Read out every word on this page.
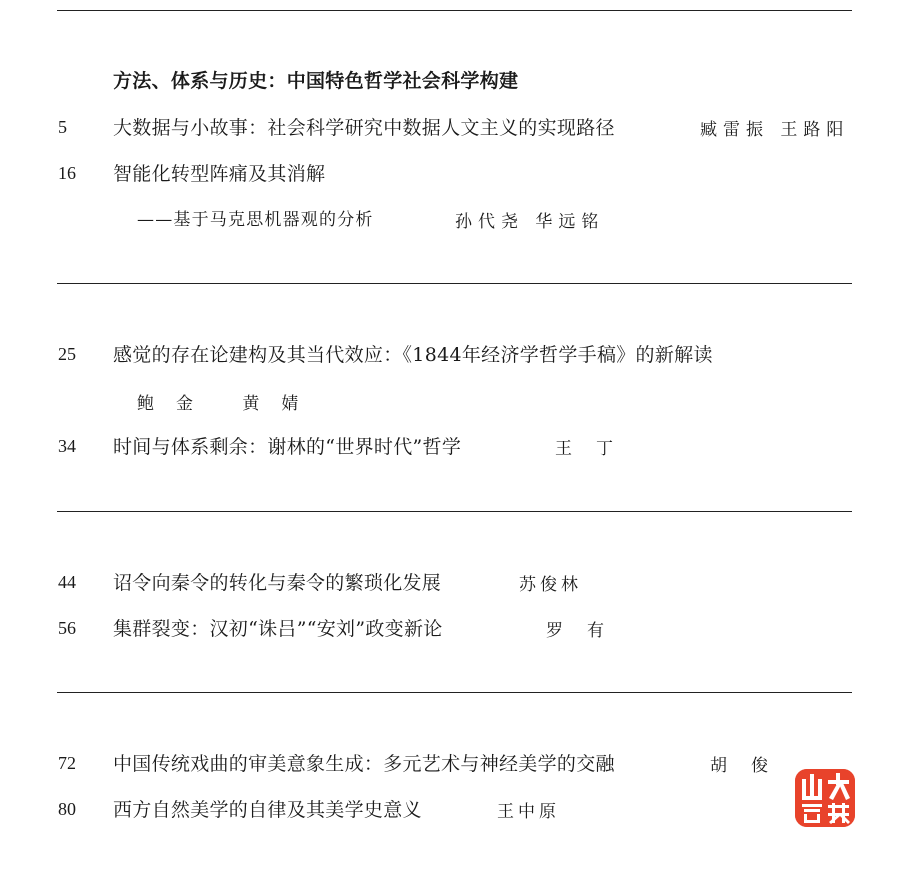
方法、体系与历史：中国特色哲学社会科学构建
5 大数据与小故事：社会科学研究中数据人文主义的实现路径	臧雷振 王路阳
16 智能化转型阵痛及其消解
——基于马克思机器观的分析	孙代尧 华远铭
25 感觉的存在论建构及其当代效应：《1844年经济学哲学手稿》的新解读
鲍金 黄婧
34 时间与体系剩余：谢林的“世界时代”哲学	王丁
44 诏令向秦令的转化与秦令的繁琐化发展	苏俊林
56 集群裂变：汉初“诛吕”“安刘”政变新论	罗有
72 中国传统戏曲的审美意象生成：多元艺术与神经美学的交融	胡俊
80 西方自然美学的自律及其美学史意义	王中原
